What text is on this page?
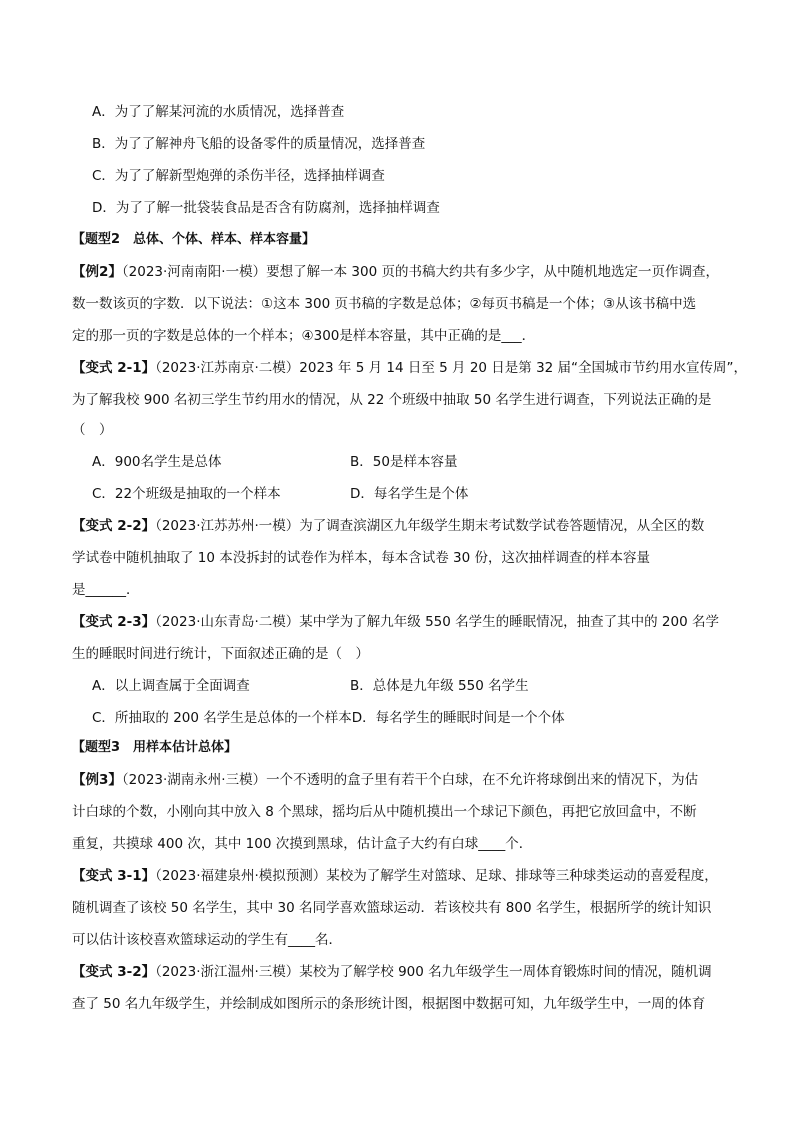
A．为了了解某河流的水质情况，选择普查
B．为了了解神舟飞船的设备零件的质量情况，选择普查
C．为了了解新型炮弹的杀伤半径，选择抽样调查
D．为了了解一批袋装食品是否含有防腐剂，选择抽样调查
【题型2　总体、个体、样本、样本容量】
【例2】（2023·河南南阳·一模）要想了解一本 300 页的书稿大约共有多少字，从中随机地选定一页作调查，
数一数该页的字数．以下说法：①这本 300 页书稿的字数是总体；②每页书稿是一个体；③从该书稿中选
定的那一页的字数是总体的一个样本；④300是样本容量，其中正确的是___．
【变式 2-1】（2023·江苏南京·二模）2023 年 5 月 14 日至 5 月 20 日是第 32 届“全国城市节约用水宣传周”，
为了解我校 900 名初三学生节约用水的情况，从 22 个班级中抽取 50 名学生进行调查，下列说法正确的是
（　）
A．900名学生是总体	B．50是样本容量
C．22个班级是抽取的一个样本	D．每名学生是个体
【变式 2-2】（2023·江苏苏州·一模）为了调查滨湖区九年级学生期末考试数学试卷答题情况，从全区的数
学试卷中随机抽取了 10 本没拆封的试卷作为样本，每本含试卷 30 份，这次抽样调查的样本容量
是______．
【变式 2-3】（2023·山东青岛·二模）某中学为了解九年级 550 名学生的睡眠情况，抽查了其中的 200 名学
生的睡眠时间进行统计，下面叙述正确的是（　）
A．以上调查属于全面调查	B．总体是九年级 550 名学生
C．所抽取的 200 名学生是总体的一个样本D．每名学生的睡眠时间是一个个体
【题型3　用样本估计总体】
【例3】（2023·湖南永州·三模）一个不透明的盒子里有若干个白球，在不允许将球倒出来的情况下，为估
计白球的个数，小刚向其中放入 8 个黑球，摇均后从中随机摸出一个球记下颜色，再把它放回盒中，不断
重复，共摸球 400 次，其中 100 次摸到黑球，估计盒子大约有白球____个．
【变式 3-1】（2023·福建泉州·模拟预测）某校为了解学生对篮球、足球、排球等三种球类运动的喜爱程度，
随机调查了该校 50 名学生，其中 30 名同学喜欢篮球运动．若该校共有 800 名学生，根据所学的统计知识
可以估计该校喜欢篮球运动的学生有____名．
【变式 3-2】（2023·浙江温州·三模）某校为了解学校 900 名九年级学生一周体育锻炼时间的情况，随机调
查了 50 名九年级学生，并绘制成如图所示的条形统计图，根据图中数据可知，九年级学生中，一周的体育
